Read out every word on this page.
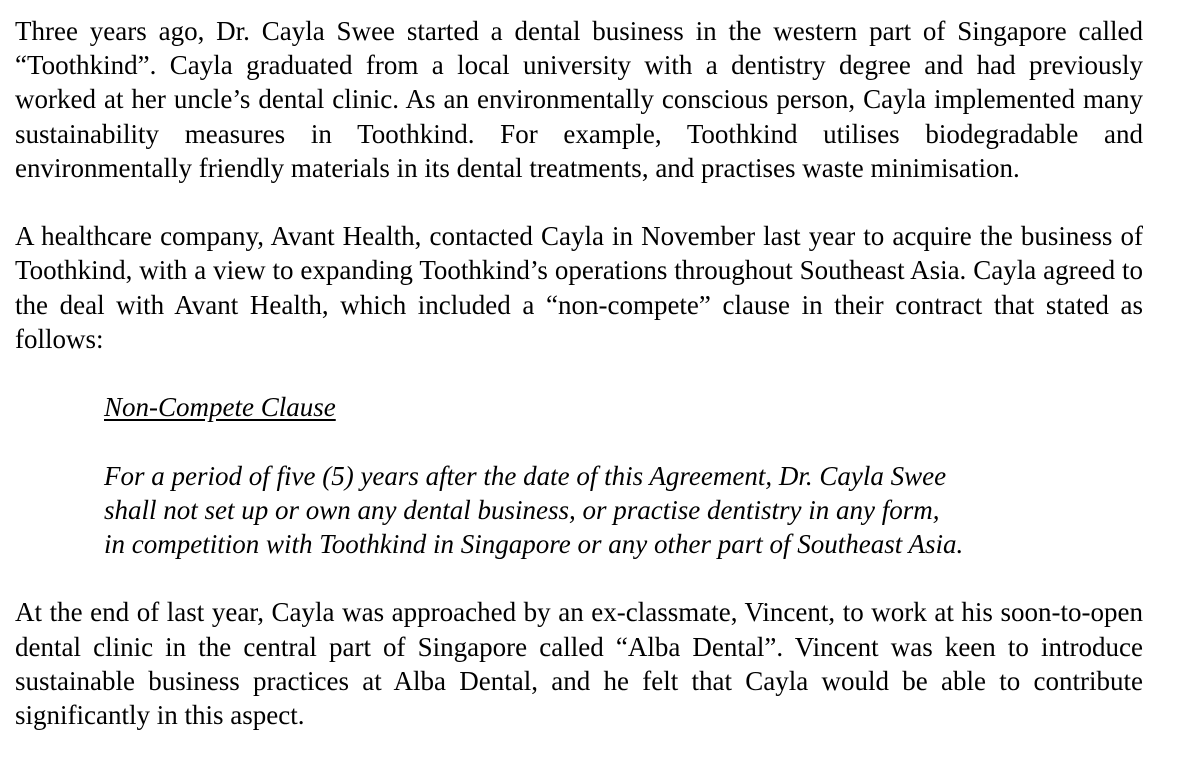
Three years ago, Dr. Cayla Swee started a dental business in the western part of Singapore called “Toothkind”. Cayla graduated from a local university with a dentistry degree and had previously worked at her uncle’s dental clinic. As an environmentally conscious person, Cayla implemented many sustainability measures in Toothkind. For example, Toothkind utilises biodegradable and environmentally friendly materials in its dental treatments, and practises waste minimisation.

A healthcare company, Avant Health, contacted Cayla in November last year to acquire the business of Toothkind, with a view to expanding Toothkind’s operations throughout Southeast Asia. Cayla agreed to the deal with Avant Health, which included a “non-compete” clause in their contract that stated as follows:

Non-Compete Clause

For a period of five (5) years after the date of this Agreement, Dr. Cayla Swee
shall not set up or own any dental business, or practise dentistry in any form,
in competition with Toothkind in Singapore or any other part of Southeast Asia.

At the end of last year, Cayla was approached by an ex-classmate, Vincent, to work at his soon-to-open dental clinic in the central part of Singapore called “Alba Dental”. Vincent was keen to introduce sustainable business practices at Alba Dental, and he felt that Cayla would be able to contribute significantly in this aspect.
